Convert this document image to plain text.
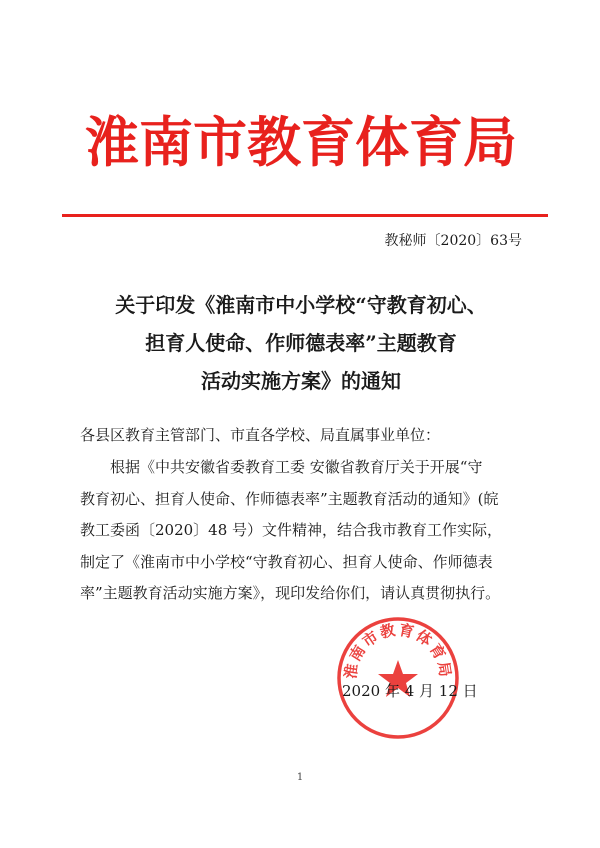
淮南市教育体育局
教秘师〔2020〕63号
关于印发《淮南市中小学校“守教育初心、
担育人使命、作师德表率”主题教育
活动实施方案》的通知
各县区教育主管部门、市直各学校、局直属事业单位：
根据《中共安徽省委教育工委 安徽省教育厅关于开展“守
教育初心、担育人使命、作师德表率”主题教育活动的通知》(皖
教工委函〔2020〕48 号）文件精神，结合我市教育工作实际，
制定了《淮南市中小学校“守教育初心、担育人使命、作师德表
率”主题教育活动实施方案》，现印发给你们，请认真贯彻执行。
淮南市教育体育局
2020 年 4 月 12 日
1
